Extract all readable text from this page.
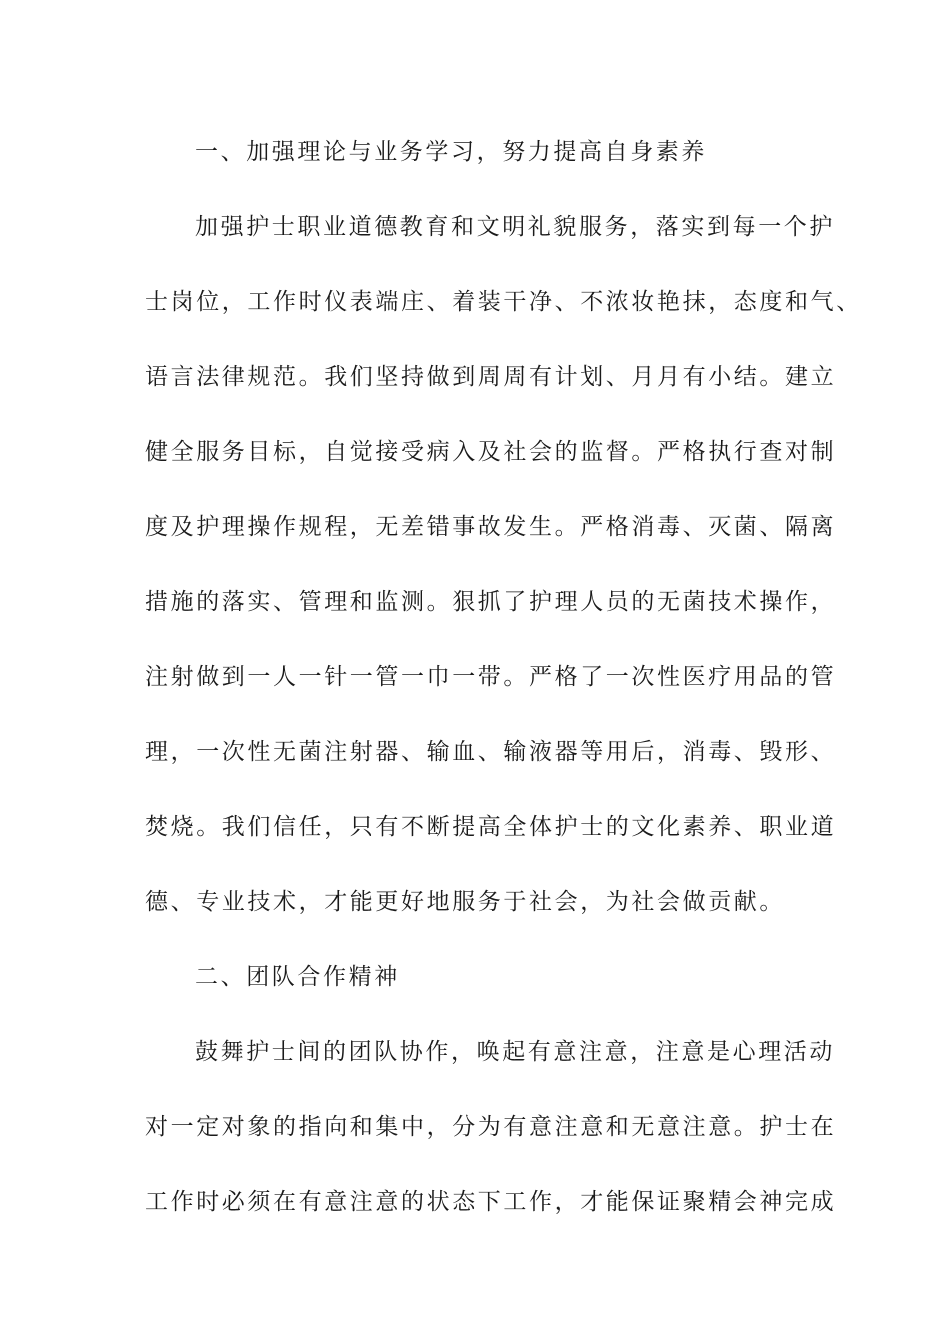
一、加强理论与业务学习，努力提高自身素养
加强护士职业道德教育和文明礼貌服务，落实到每一个护
士岗位，工作时仪表端庄、着装干净、不浓妆艳抹，态度和气、
语言法律规范。我们坚持做到周周有计划、月月有小结。建立
健全服务目标，自觉接受病入及社会的监督。严格执行查对制
度及护理操作规程，无差错事故发生。严格消毒、灭菌、隔离
措施的落实、管理和监测。狠抓了护理人员的无菌技术操作，
注射做到一人一针一管一巾一带。严格了一次性医疗用品的管
理，一次性无菌注射器、输血、输液器等用后，消毒、毁形、
焚烧。我们信任，只有不断提高全体护士的文化素养、职业道
德、专业技术，才能更好地服务于社会，为社会做贡献。
二、团队合作精神
鼓舞护士间的团队协作，唤起有意注意，注意是心理活动
对一定对象的指向和集中，分为有意注意和无意注意。护士在
工作时必须在有意注意的状态下工作，才能保证聚精会神完成
